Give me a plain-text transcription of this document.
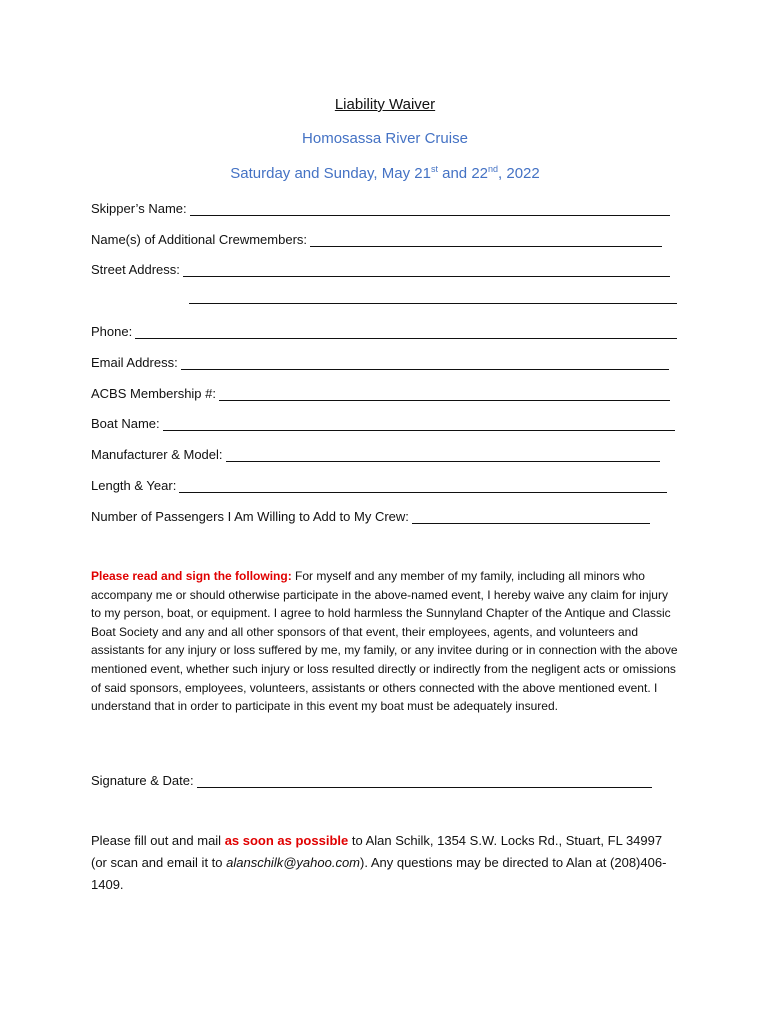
Liability Waiver
Homosassa River Cruise
Saturday and Sunday, May 21st and 22nd, 2022
Skipper’s Name:
Name(s) of Additional Crewmembers:
Street Address:
Phone:
Email Address:
ACBS Membership #:
Boat Name:
Manufacturer & Model:
Length & Year:
Number of Passengers I Am Willing to Add to My Crew:
Please read and sign the following: For myself and any member of my family, including all minors who accompany me or should otherwise participate in the above-named event, I hereby waive any claim for injury to my person, boat, or equipment. I agree to hold harmless the Sunnyland Chapter of the Antique and Classic Boat Society and any and all other sponsors of that event, their employees, agents, and volunteers and assistants for any injury or loss suffered by me, my family, or any invitee during or in connection with the above mentioned event, whether such injury or loss resulted directly or indirectly from the negligent acts or omissions of said sponsors, employees, volunteers, assistants or others connected with the above mentioned event. I understand that in order to participate in this event my boat must be adequately insured.
Signature & Date:
Please fill out and mail as soon as possible to Alan Schilk, 1354 S.W. Locks Rd., Stuart, FL 34997 (or scan and email it to alanschilk@yahoo.com). Any questions may be directed to Alan at (208)406-1409.
